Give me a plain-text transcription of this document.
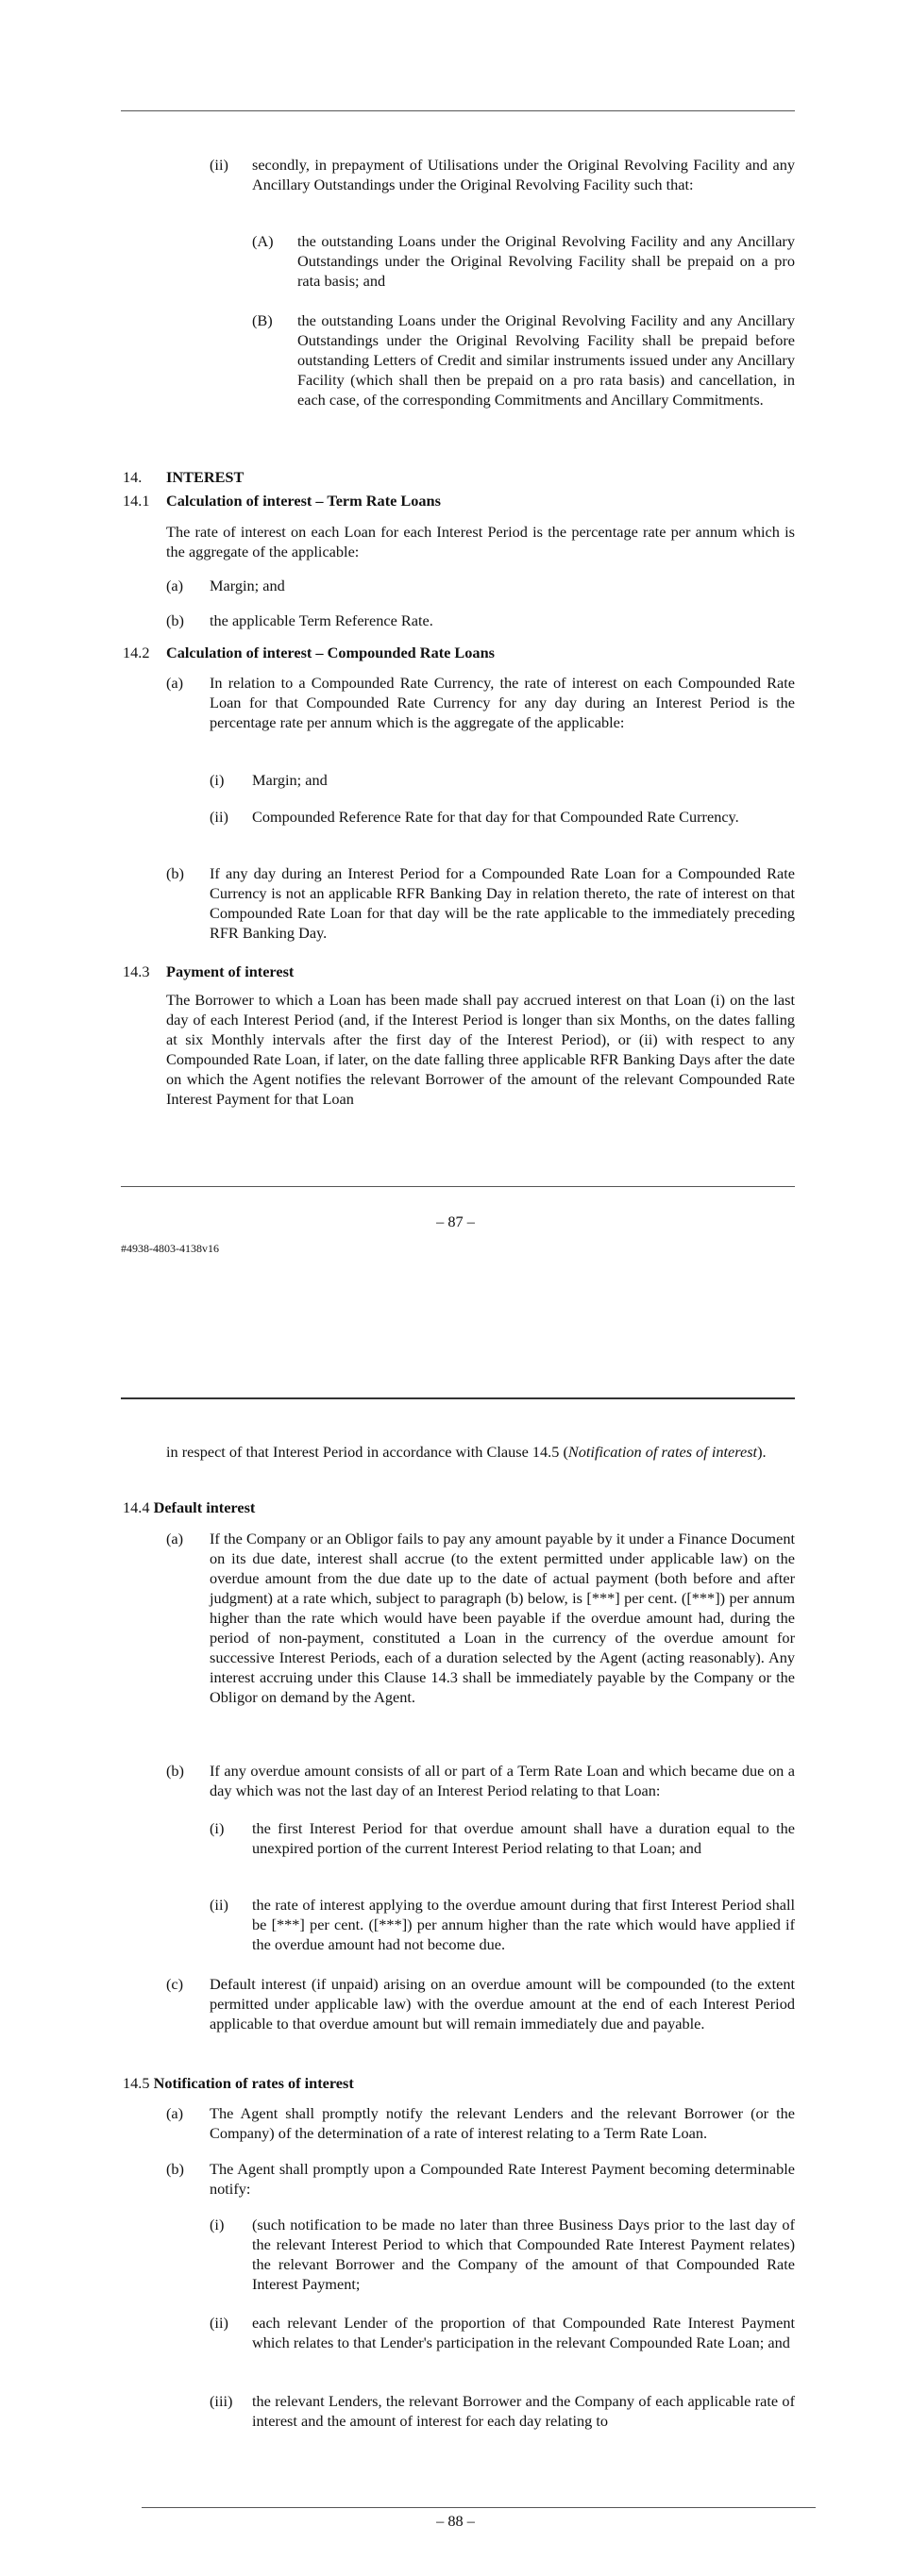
(ii) secondly, in prepayment of Utilisations under the Original Revolving Facility and any Ancillary Outstandings under the Original Revolving Facility such that:
(A) the outstanding Loans under the Original Revolving Facility and any Ancillary Outstandings under the Original Revolving Facility shall be prepaid on a pro rata basis; and
(B) the outstanding Loans under the Original Revolving Facility and any Ancillary Outstandings under the Original Revolving Facility shall be prepaid before outstanding Letters of Credit and similar instruments issued under any Ancillary Facility (which shall then be prepaid on a pro rata basis) and cancellation, in each case, of the corresponding Commitments and Ancillary Commitments.
14. INTEREST
14.1 Calculation of interest – Term Rate Loans
The rate of interest on each Loan for each Interest Period is the percentage rate per annum which is the aggregate of the applicable:
(a) Margin; and
(b) the applicable Term Reference Rate.
14.2 Calculation of interest – Compounded Rate Loans
(a) In relation to a Compounded Rate Currency, the rate of interest on each Compounded Rate Loan for that Compounded Rate Currency for any day during an Interest Period is the percentage rate per annum which is the aggregate of the applicable:
(i) Margin; and
(ii) Compounded Reference Rate for that day for that Compounded Rate Currency.
(b) If any day during an Interest Period for a Compounded Rate Loan for a Compounded Rate Currency is not an applicable RFR Banking Day in relation thereto, the rate of interest on that Compounded Rate Loan for that day will be the rate applicable to the immediately preceding RFR Banking Day.
14.3 Payment of interest
The Borrower to which a Loan has been made shall pay accrued interest on that Loan (i) on the last day of each Interest Period (and, if the Interest Period is longer than six Months, on the dates falling at six Monthly intervals after the first day of the Interest Period), or (ii) with respect to any Compounded Rate Loan, if later, on the date falling three applicable RFR Banking Days after the date on which the Agent notifies the relevant Borrower of the amount of the relevant Compounded Rate Interest Payment for that Loan
– 87 –
#4938-4803-4138v16
in respect of that Interest Period in accordance with Clause 14.5 (Notification of rates of interest).
14.4 Default interest
(a) If the Company or an Obligor fails to pay any amount payable by it under a Finance Document on its due date, interest shall accrue (to the extent permitted under applicable law) on the overdue amount from the due date up to the date of actual payment (both before and after judgment) at a rate which, subject to paragraph (b) below, is [***] per cent. ([***]) per annum higher than the rate which would have been payable if the overdue amount had, during the period of non-payment, constituted a Loan in the currency of the overdue amount for successive Interest Periods, each of a duration selected by the Agent (acting reasonably). Any interest accruing under this Clause 14.3 shall be immediately payable by the Company or the Obligor on demand by the Agent.
(b) If any overdue amount consists of all or part of a Term Rate Loan and which became due on a day which was not the last day of an Interest Period relating to that Loan:
(i) the first Interest Period for that overdue amount shall have a duration equal to the unexpired portion of the current Interest Period relating to that Loan; and
(ii) the rate of interest applying to the overdue amount during that first Interest Period shall be [***] per cent. ([***]) per annum higher than the rate which would have applied if the overdue amount had not become due.
(c) Default interest (if unpaid) arising on an overdue amount will be compounded (to the extent permitted under applicable law) with the overdue amount at the end of each Interest Period applicable to that overdue amount but will remain immediately due and payable.
14.5 Notification of rates of interest
(a) The Agent shall promptly notify the relevant Lenders and the relevant Borrower (or the Company) of the determination of a rate of interest relating to a Term Rate Loan.
(b) The Agent shall promptly upon a Compounded Rate Interest Payment becoming determinable notify:
(i) (such notification to be made no later than three Business Days prior to the last day of the relevant Interest Period to which that Compounded Rate Interest Payment relates) the relevant Borrower and the Company of the amount of that Compounded Rate Interest Payment;
(ii) each relevant Lender of the proportion of that Compounded Rate Interest Payment which relates to that Lender's participation in the relevant Compounded Rate Loan; and
(iii) the relevant Lenders, the relevant Borrower and the Company of each applicable rate of interest and the amount of interest for each day relating to
– 88 –
